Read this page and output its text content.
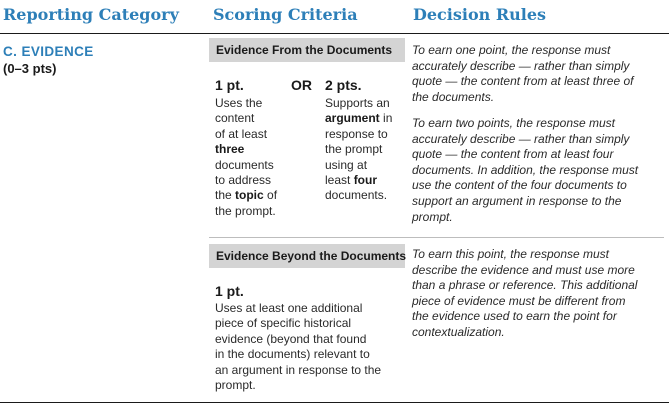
Reporting Category Scoring Criteria	Decision Rules
C. EVIDENCE
(0–3 pts)
Evidence From the Documents
1 pt.	OR 2 pts.
Uses the
content
of at least
three
documents
to address
the topic of
the prompt.
Supports an
argument in
response to
the prompt
using at
least four
documents.
To earn one point, the response must
accurately describe — rather than simply
quote — the content from at least three of
the documents.
To earn two points, the response must
accurately describe — rather than simply
quote — the content from at least four
documents. In addition, the response must
use the content of the four documents to
support an argument in response to the
prompt.
Evidence Beyond the Documents
1 pt.
Uses at least one additional
piece of specific historical
evidence (beyond that found
in the documents) relevant to
an argument in response to the
prompt.
To earn this point, the response must
describe the evidence and must use more
than a phrase or reference. This additional
piece of evidence must be different from
the evidence used to earn the point for
contextualization.
